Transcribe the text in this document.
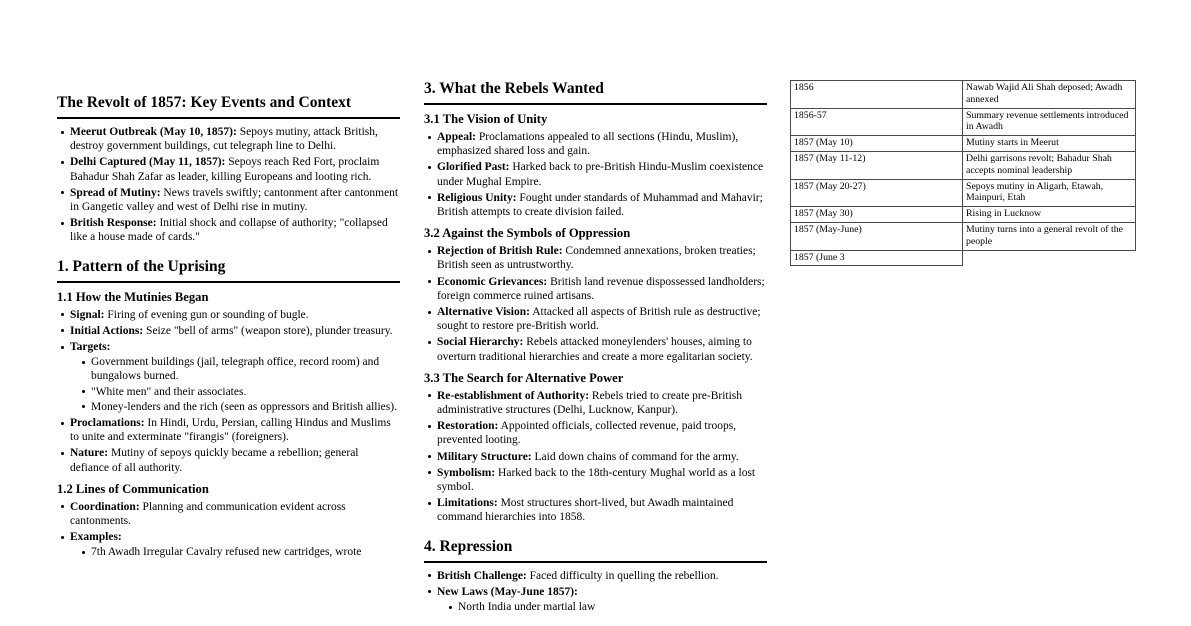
The Revolt of 1857: Key Events and Context
Meerut Outbreak (May 10, 1857): Sepoys mutiny, attack British, destroy government buildings, cut telegraph line to Delhi.
Delhi Captured (May 11, 1857): Sepoys reach Red Fort, proclaim Bahadur Shah Zafar as leader, killing Europeans and looting rich.
Spread of Mutiny: News travels swiftly; cantonment after cantonment in Gangetic valley and west of Delhi rise in mutiny.
British Response: Initial shock and collapse of authority; "collapsed like a house made of cards."
1. Pattern of the Uprising
1.1 How the Mutinies Began
Signal: Firing of evening gun or sounding of bugle.
Initial Actions: Seize "bell of arms" (weapon store), plunder treasury.
Targets:
Government buildings (jail, telegraph office, record room) and bungalows burned.
"White men" and their associates.
Money-lenders and the rich (seen as oppressors and British allies).
Proclamations: In Hindi, Urdu, Persian, calling Hindus and Muslims to unite and exterminate "firangis" (foreigners).
Nature: Mutiny of sepoys quickly became a rebellion; general defiance of all authority.
1.2 Lines of Communication
Coordination: Planning and communication evident across cantonments.
Examples:
7th Awadh Irregular Cavalry refused new cartridges, wrote
3. What the Rebels Wanted
3.1 The Vision of Unity
Appeal: Proclamations appealed to all sections (Hindu, Muslim), emphasized shared loss and gain.
Glorified Past: Harked back to pre-British Hindu-Muslim coexistence under Mughal Empire.
Religious Unity: Fought under standards of Muhammad and Mahavir; British attempts to create division failed.
3.2 Against the Symbols of Oppression
Rejection of British Rule: Condemned annexations, broken treaties; British seen as untrustworthy.
Economic Grievances: British land revenue dispossessed landholders; foreign commerce ruined artisans.
Alternative Vision: Attacked all aspects of British rule as destructive; sought to restore pre-British world.
Social Hierarchy: Rebels attacked moneylenders' houses, aiming to overturn traditional hierarchies and create a more egalitarian society.
3.3 The Search for Alternative Power
Re-establishment of Authority: Rebels tried to create pre-British administrative structures (Delhi, Lucknow, Kanpur).
Restoration: Appointed officials, collected revenue, paid troops, prevented looting.
Military Structure: Laid down chains of command for the army.
Symbolism: Harked back to the 18th-century Mughal world as a lost symbol.
Limitations: Most structures short-lived, but Awadh maintained command hierarchies into 1858.
4. Repression
British Challenge: Faced difficulty in quelling the rebellion.
New Laws (May-June 1857):
North India under martial law
1856	Nawab Wajid Ali Shah deposed; Awadh annexed
1856-57	Summary revenue settlements introduced in Awadh
1857 (May 10)	Mutiny starts in Meerut
1857 (May 11-12)	Delhi garrisons revolt; Bahadur Shah accepts nominal leadership
1857 (May 20-27)	Sepoys mutiny in Aligarh, Etawah, Mainpuri, Etah
1857 (May 30)	Rising in Lucknow
1857 (May-June)	Mutiny turns into a general revolt of the people
1857 (June 3	
